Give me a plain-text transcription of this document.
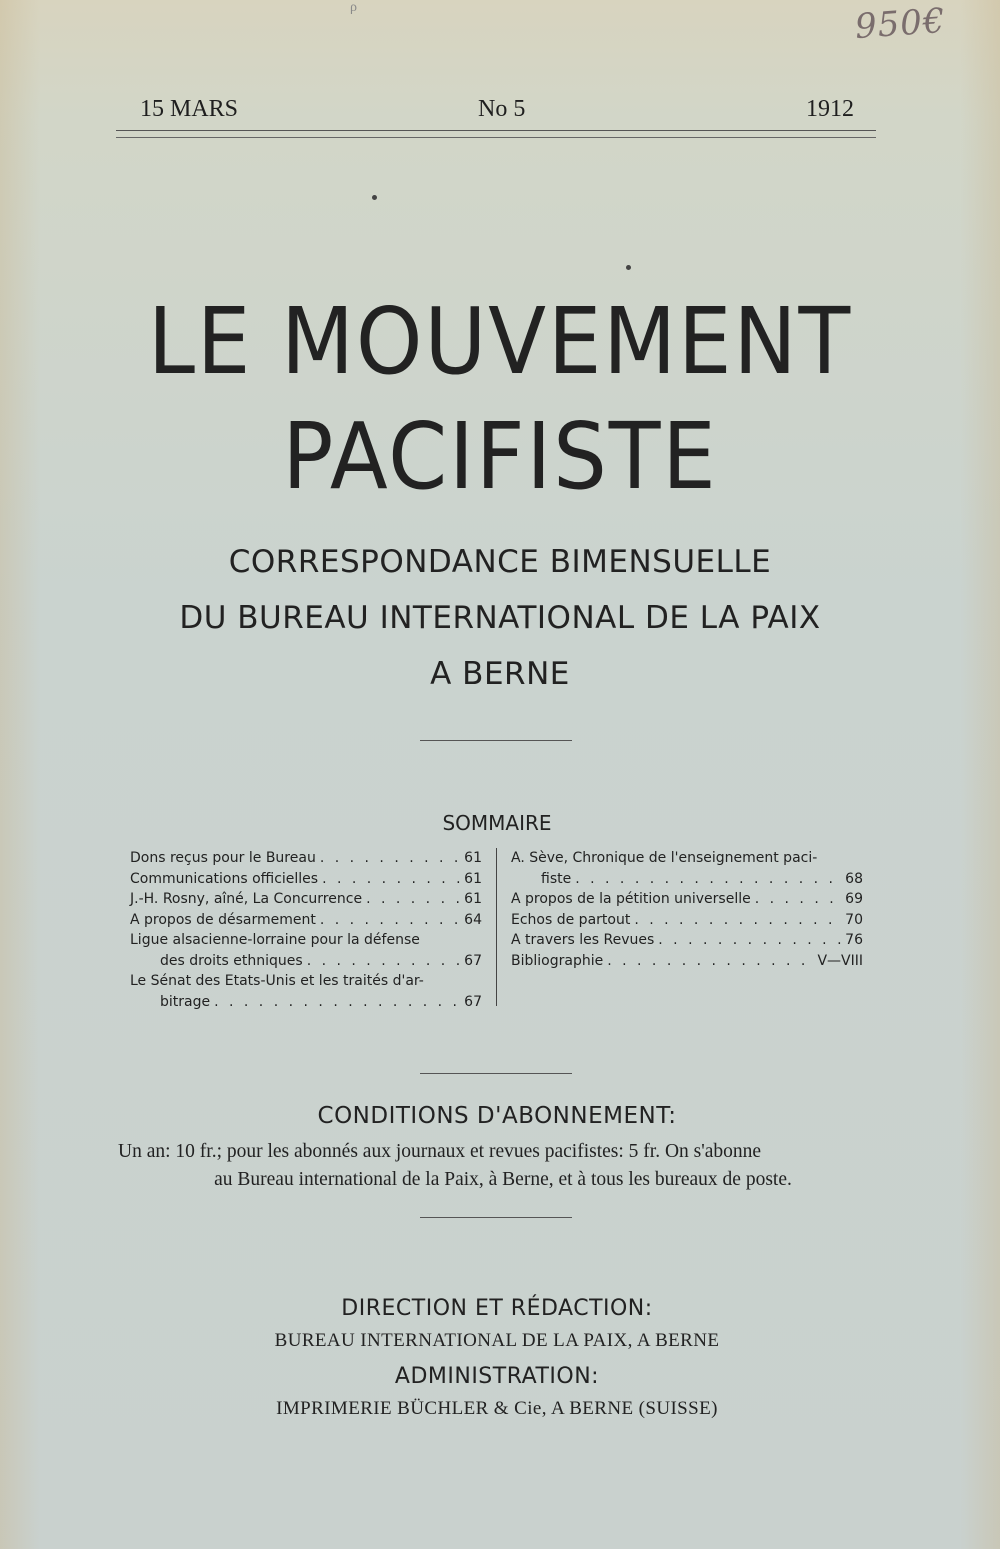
ρ	950€
15 MARS	No 5	1912
LE MOUVEMENT
PACIFISTE
CORRESPONDANCE BIMENSUELLE
DU BUREAU INTERNATIONAL DE LA PAIX
A BERNE
SOMMAIRE
Dons reçus pour le Bureau . . .	61
Communications officielles . . .	61
J.-H. Rosny, aîné, La Concurrence . . .	61
A propos de désarmement . . .	64
Ligue alsacienne-lorraine pour la défense
des droits ethniques . . .	67
Le Sénat des Etats-Unis et les traités d'ar-
bitrage . . .	67
A. Sève, Chronique de l'enseignement paci-
fiste . . .	68
A propos de la pétition universelle . . .	69
Echos de partout . . .	70
A travers les Revues . . .	76
Bibliographie . . .	V—VIII
CONDITIONS D'ABONNEMENT:
Un an: 10 fr.; pour les abonnés aux journaux et revues pacifistes: 5 fr. On s'abonne
au Bureau international de la Paix, à Berne, et à tous les bureaux de poste.
DIRECTION ET RÉDACTION:
BUREAU INTERNATIONAL DE LA PAIX, A BERNE
ADMINISTRATION:
IMPRIMERIE BÜCHLER & Cie, A BERNE (SUISSE)
